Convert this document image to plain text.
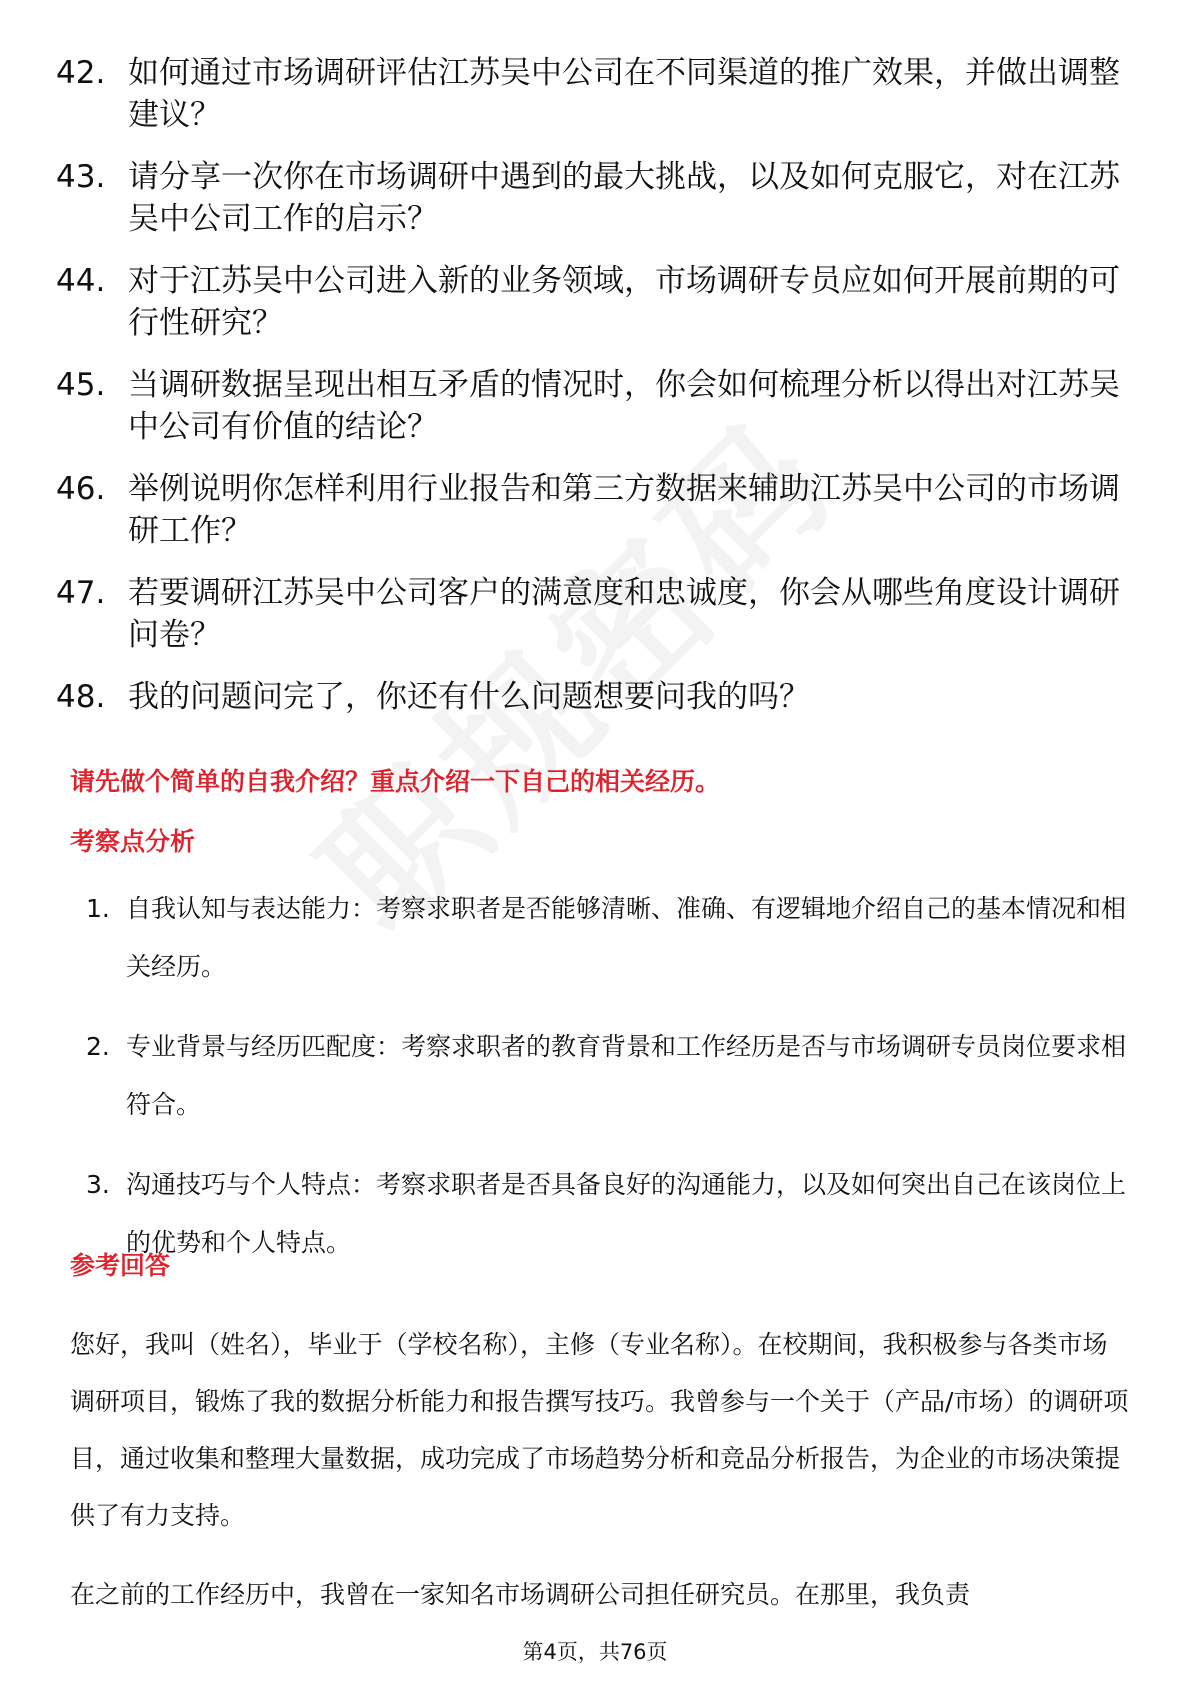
42. 如何通过市场调研评估江苏吴中公司在不同渠道的推广效果，并做出调整建议？
43. 请分享一次你在市场调研中遇到的最大挑战，以及如何克服它，对在江苏吴中公司工作的启示？
44. 对于江苏吴中公司进入新的业务领域，市场调研专员应如何开展前期的可行性研究？
45. 当调研数据呈现出相互矛盾的情况时，你会如何梳理分析以得出对江苏吴中公司有价值的结论？
46. 举例说明你怎样利用行业报告和第三方数据来辅助江苏吴中公司的市场调研工作？
47. 若要调研江苏吴中公司客户的满意度和忠诚度，你会从哪些角度设计调研问卷？
48. 我的问题问完了，你还有什么问题想要问我的吗？
请先做个简单的自我介绍？重点介绍一下自己的相关经历。
考察点分析
1. 自我认知与表达能力：考察求职者是否能够清晰、准确、有逻辑地介绍自己的基本情况和相关经历。
2. 专业背景与经历匹配度：考察求职者的教育背景和工作经历是否与市场调研专员岗位要求相符合。
3. 沟通技巧与个人特点：考察求职者是否具备良好的沟通能力，以及如何突出自己在该岗位上的优势和个人特点。
参考回答
您好，我叫（姓名），毕业于（学校名称），主修（专业名称）。在校期间，我积极参与各类市场调研项目，锻炼了我的数据分析能力和报告撰写技巧。我曾参与一个关于（产品/市场）的调研项目，通过收集和整理大量数据，成功完成了市场趋势分析和竞品分析报告，为企业的市场决策提供了有力支持。
在之前的工作经历中，我曾在一家知名市场调研公司担任研究员。在那里，我负责
第4页，共76页
